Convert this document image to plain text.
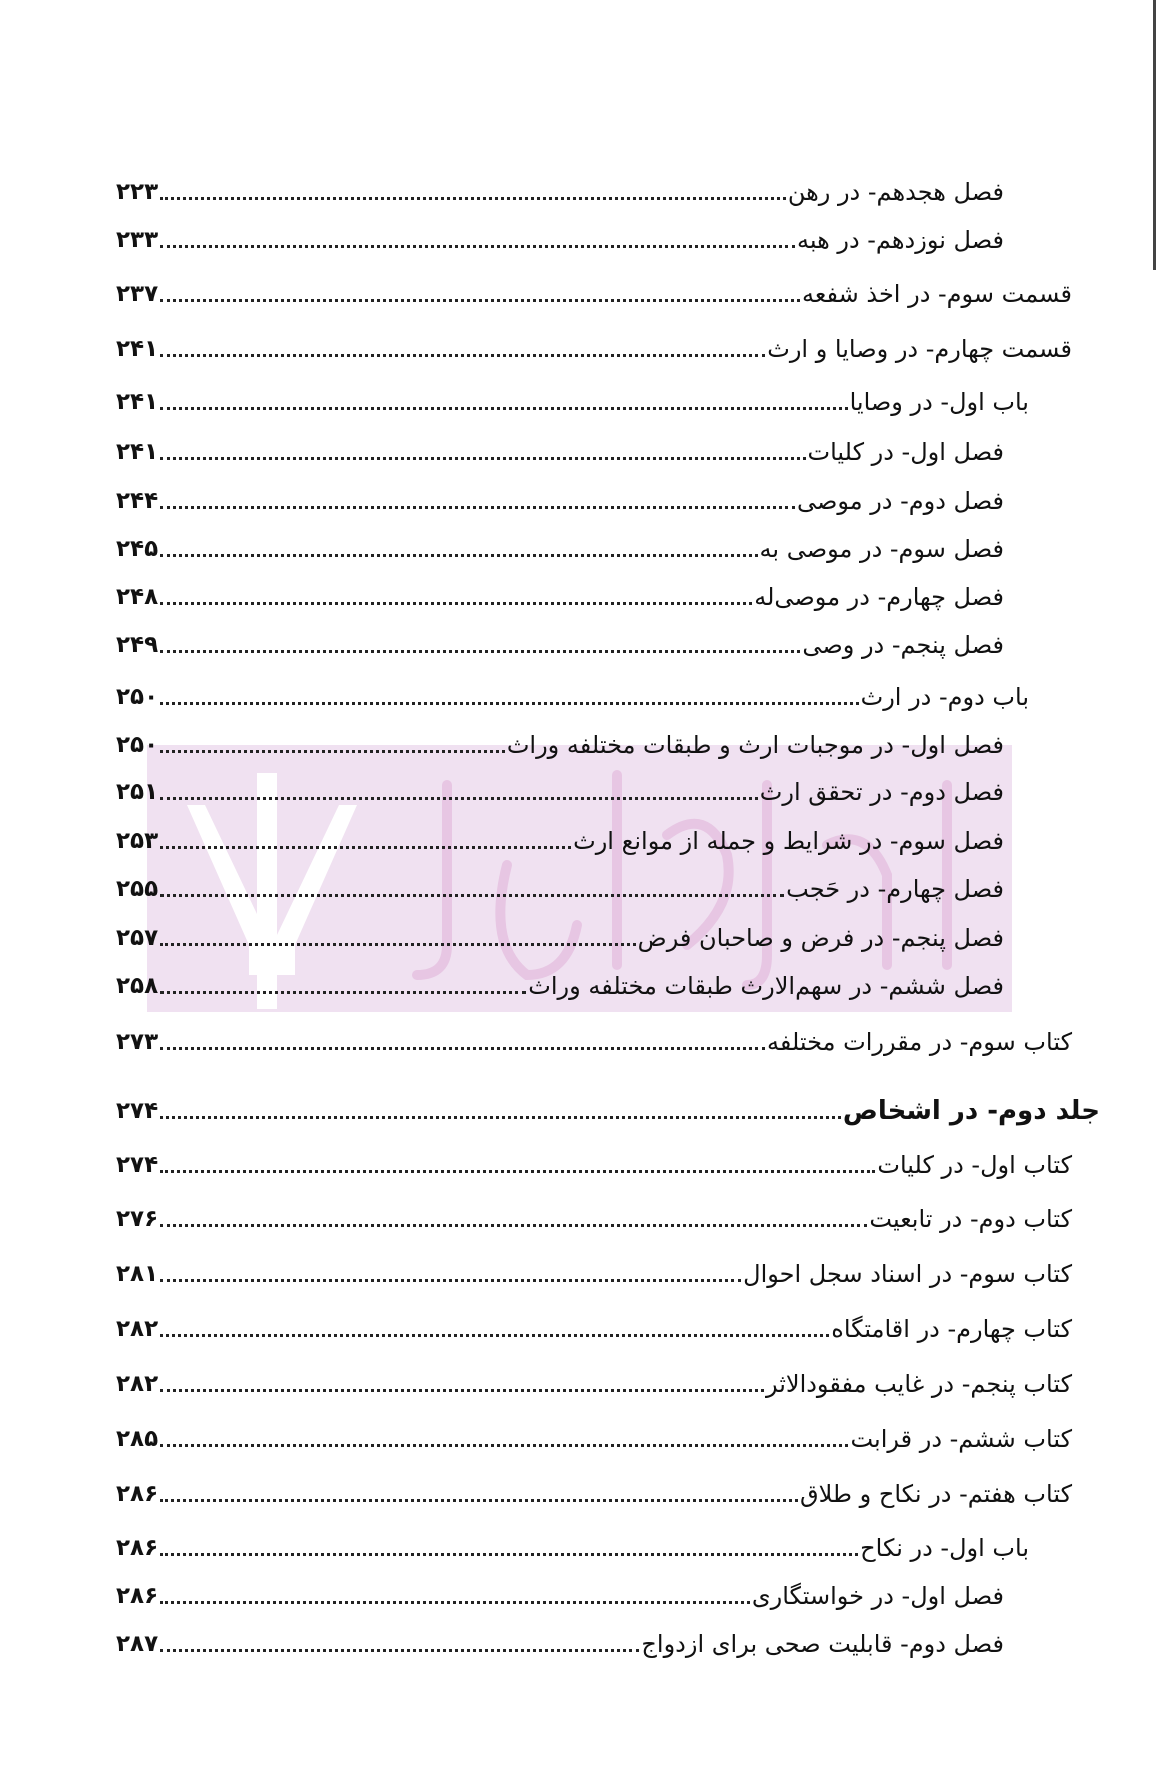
فصل هجدهم- در رهن
۲۲۳
فصل نوزدهم- در هبه
۲۳۳
قسمت سوم- در اخذ شفعه
۲۳۷
قسمت چهارم- در وصایا و ارث
۲۴۱
باب اول- در وصایا
۲۴۱
فصل اول- در کلیات
۲۴۱
فصل دوم- در موصی
۲۴۴
فصل سوم- در موصی به
۲۴۵
فصل چهارم- در موصی‌له
۲۴۸
فصل پنجم- در وصی
۲۴۹
باب دوم- در ارث
۲۵۰
فصل اول- در موجبات ارث و طبقات مختلفه وراث
۲۵۰
فصل دوم- در تحقق ارث
۲۵۱
فصل سوم- در شرایط و جمله از موانع ارث
۲۵۳
فصل چهارم- در حَجب
۲۵۵
فصل پنجم- در فرض و صاحبان فرض
۲۵۷
فصل ششم- در سهم‌الارث طبقات مختلفه وراث
۲۵۸
کتاب سوم- در مقررات مختلفه
۲۷۳
جلد دوم- در اشخاص
۲۷۴
کتاب اول- در کلیات
۲۷۴
کتاب دوم- در تابعیت
۲۷۶
کتاب سوم- در اسناد سجل احوال
۲۸۱
کتاب چهارم- در اقامتگاه
۲۸۲
کتاب پنجم- در غایب مفقودالاثر
۲۸۲
کتاب ششم- در قرابت
۲۸۵
کتاب هفتم- در نکاح و طلاق
۲۸۶
باب اول- در نکاح
۲۸۶
فصل اول- در خواستگاری
۲۸۶
فصل دوم- قابلیت صحی برای ازدواج
۲۸۷
